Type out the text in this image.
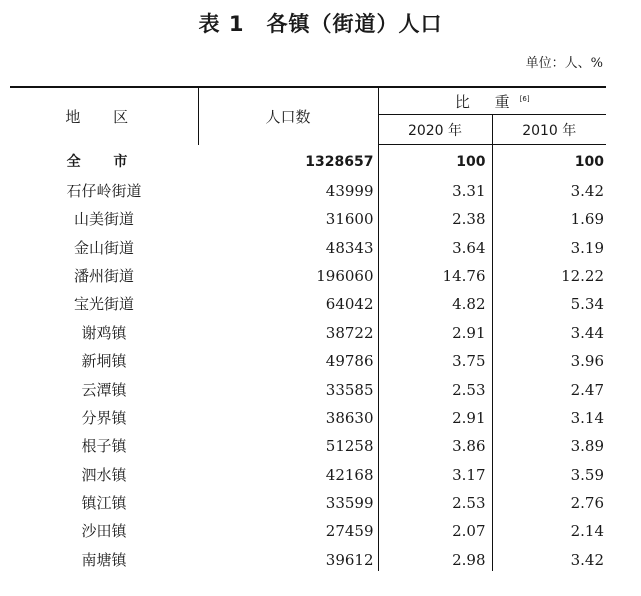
表 1　各镇（街道）人口
单位：人、%
地 区	人口数	比 重[6]
		2020 年	2010 年
全 市	1328657	100	100
石仔岭街道	43999	3.31	3.42
山美街道	31600	2.38	1.69
金山街道	48343	3.64	3.19
潘州街道	196060	14.76	12.22
宝光街道	64042	4.82	5.34
谢鸡镇	38722	2.91	3.44
新垌镇	49786	3.75	3.96
云潭镇	33585	2.53	2.47
分界镇	38630	2.91	3.14
根子镇	51258	3.86	3.89
泗水镇	42168	3.17	3.59
镇江镇	33599	2.53	2.76
沙田镇	27459	2.07	2.14
南塘镇	39612	2.98	3.42
